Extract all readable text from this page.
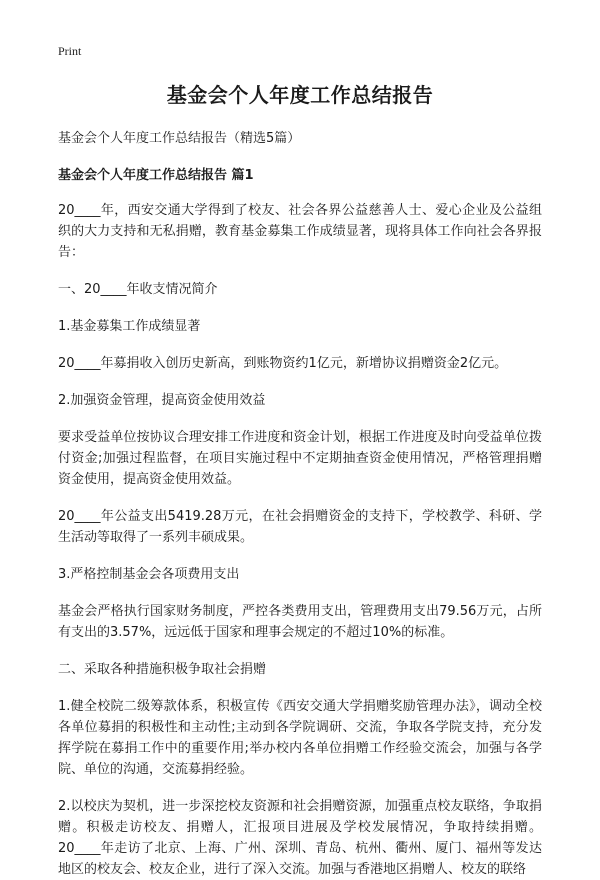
Print
基金会个人年度工作总结报告

基金会个人年度工作总结报告（精选5篇）

基金会个人年度工作总结报告 篇1

20____年，西安交通大学得到了校友、社会各界公益慈善人士、爱心企业及公益组织的大力支持和无私捐赠，教育基金募集工作成绩显著，现将具体工作向社会各界报告：

一、20____年收支情况简介

1.基金募集工作成绩显著

20____年募捐收入创历史新高，到账物资约1亿元，新增协议捐赠资金2亿元。

2.加强资金管理，提高资金使用效益

要求受益单位按协议合理安排工作进度和资金计划，根据工作进度及时向受益单位拨付资金;加强过程监督，在项目实施过程中不定期抽查资金使用情况，严格管理捐赠资金使用，提高资金使用效益。

20____年公益支出5419.28万元，在社会捐赠资金的支持下，学校教学、科研、学生活动等取得了一系列丰硕成果。

3.严格控制基金会各项费用支出

基金会严格执行国家财务制度，严控各类费用支出，管理费用支出79.56万元，占所有支出的3.57%，远远低于国家和理事会规定的不超过10%的标准。

二、采取各种措施积极争取社会捐赠

1.健全校院二级筹款体系，积极宣传《西安交通大学捐赠奖励管理办法》，调动全校各单位募捐的积极性和主动性;主动到各学院调研、交流，争取各学院支持，充分发挥学院在募捐工作中的重要作用;举办校内各单位捐赠工作经验交流会，加强与各学院、单位的沟通，交流募捐经验。

2.以校庆为契机，进一步深挖校友资源和社会捐赠资源，加强重点校友联络，争取捐赠。积极走访校友、捐赠人，汇报项目进展及学校发展情况，争取持续捐赠。20____年走访了北京、上海、广州、深圳、青岛、杭州、衢州、厦门、福州等发达地区的校友会、校友企业，进行了深入交流。加强与香港地区捐赠人、校友的联络
